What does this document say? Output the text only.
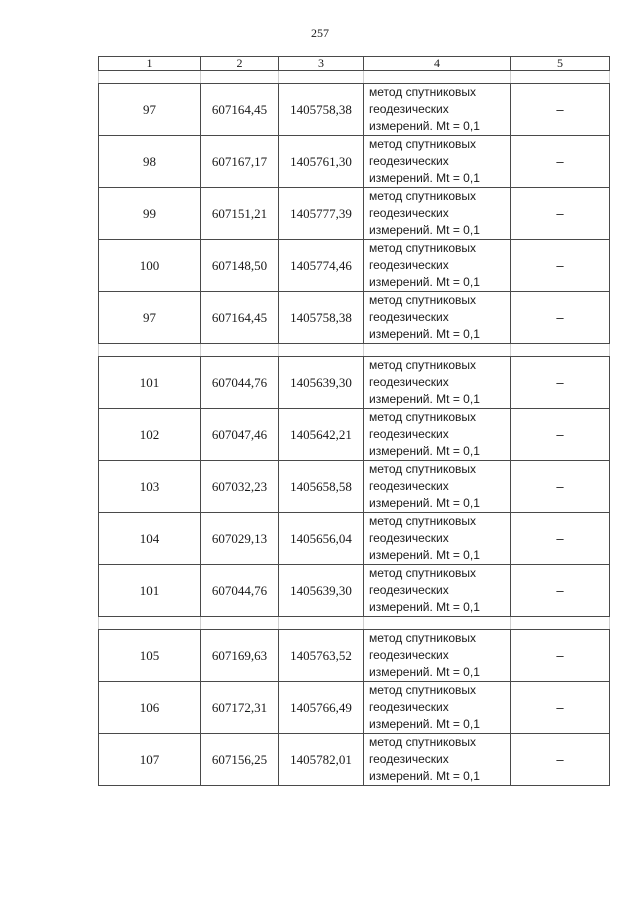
257
1	2	3	4	5

97	607164,45	1405758,38	метод спутниковых
геодезических
измерений. Mt = 0,1	–
98	607167,17	1405761,30	метод спутниковых
геодезических
измерений. Mt = 0,1	–
99	607151,21	1405777,39	метод спутниковых
геодезических
измерений. Mt = 0,1	–
100	607148,50	1405774,46	метод спутниковых
геодезических
измерений. Mt = 0,1	–
97	607164,45	1405758,38	метод спутниковых
геодезических
измерений. Mt = 0,1	–

101	607044,76	1405639,30	метод спутниковых
геодезических
измерений. Mt = 0,1	–
102	607047,46	1405642,21	метод спутниковых
геодезических
измерений. Mt = 0,1	–
103	607032,23	1405658,58	метод спутниковых
геодезических
измерений. Mt = 0,1	–
104	607029,13	1405656,04	метод спутниковых
геодезических
измерений. Mt = 0,1	–
101	607044,76	1405639,30	метод спутниковых
геодезических
измерений. Mt = 0,1	–

105	607169,63	1405763,52	метод спутниковых
геодезических
измерений. Mt = 0,1	–
106	607172,31	1405766,49	метод спутниковых
геодезических
измерений. Mt = 0,1	–
107	607156,25	1405782,01	метод спутниковых
геодезических
измерений. Mt = 0,1	–
